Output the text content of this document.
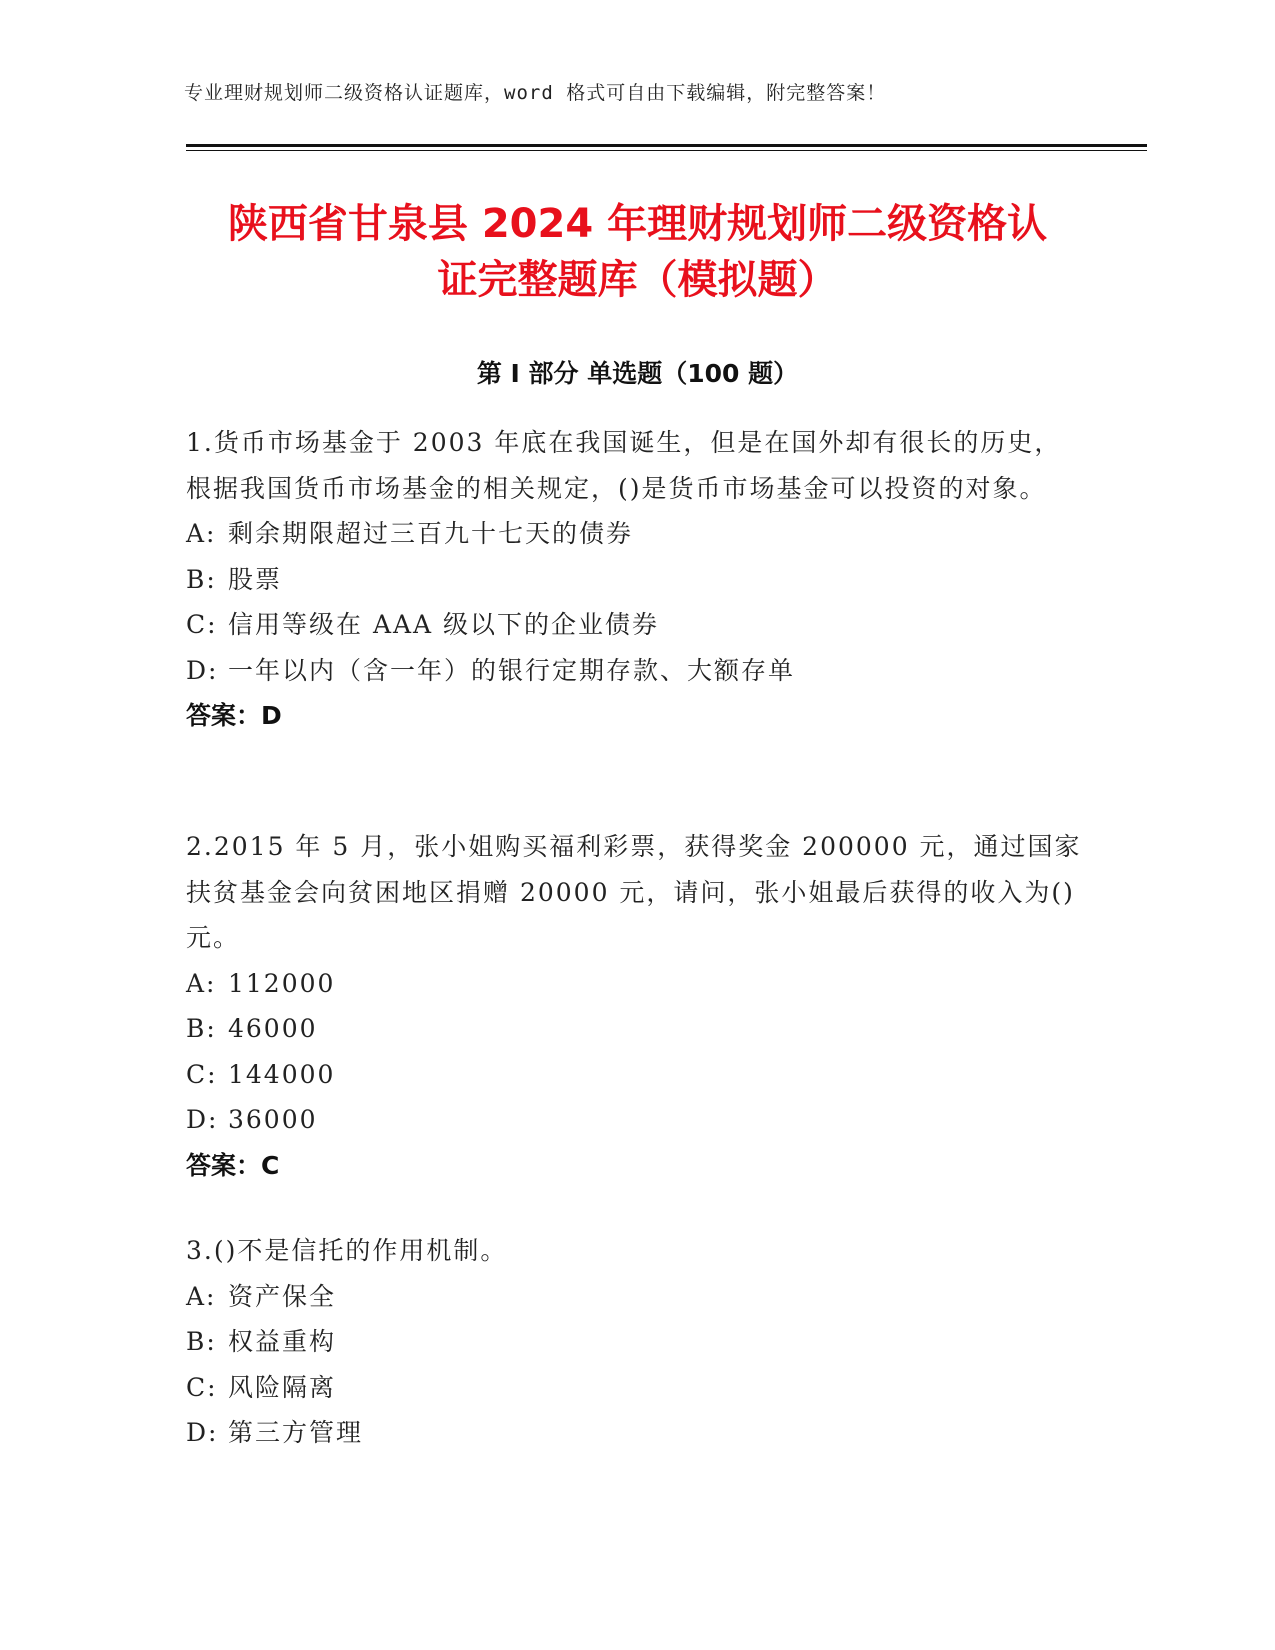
专业理财规划师二级资格认证题库，word 格式可自由下载编辑，附完整答案！
陕西省甘泉县 2024 年理财规划师二级资格认
证完整题库（模拟题）
第 I 部分 单选题（100 题）

1.货币市场基金于 2003 年底在我国诞生，但是在国外却有很长的历史，根据我国货币市场基金的相关规定，()是货币市场基金可以投资的对象。

A: 剩余期限超过三百九十七天的债券

B: 股票

C: 信用等级在 AAA 级以下的企业债券

D: 一年以内（含一年）的银行定期存款、大额存单

答案：D

2.2015 年 5 月，张小姐购买福利彩票，获得奖金 200000 元，通过国家扶贫基金会向贫困地区捐赠 20000 元，请问，张小姐最后获得的收入为()元。

A: 112000

B: 46000

C: 144000

D: 36000

答案：C

3.()不是信托的作用机制。

A: 资产保全

B: 权益重构

C: 风险隔离

D: 第三方管理
